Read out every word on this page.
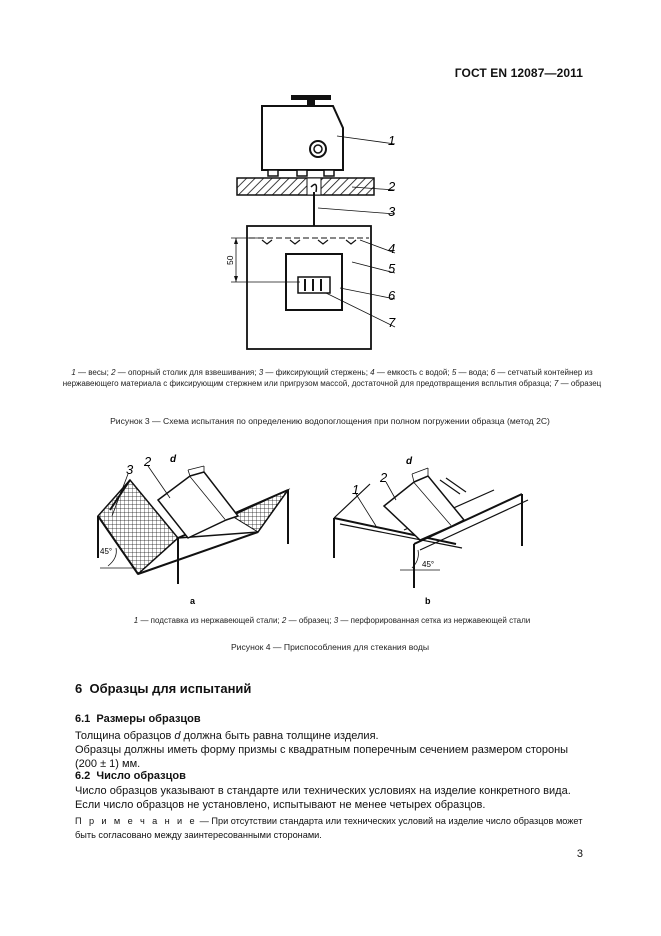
ГОСТ EN 12087—2011
50
1
2
3
4
5
6
7
1 — весы; 2 — опорный столик для взвешивания; 3 — фиксирующий стержень; 4 — емкость с водой; 5 — вода; 6 — сетчатый контейнер из нержавеющего материала с фиксирующим стержнем или пригрузом массой, достаточной для предотвращения всплытия образца; 7 — образец
Рисунок 3 — Схема испытания по определению водопоглощения при полном погружении образца (метод 2С)
3
2 d
45°
a
1
2
d
45°
b
1 — подставка из нержавеющей стали; 2 — образец; 3 — перфорированная сетка из нержавеющей стали
Рисунок 4 — Приспособления для стекания воды
6  Образцы для испытаний
6.1  Размеры образцов
Толщина образцов d должна быть равна толщине изделия.
Образцы должны иметь форму призмы с квадратным поперечным сечением размером стороны (200 ± 1) мм.
6.2  Число образцов
Число образцов указывают в стандарте или технических условиях на изделие конкретного вида. Если число образцов не установлено, испытывают не менее четырех образцов.
П р и м е ч а н и е — При отсутствии стандарта или технических условий на изделие число образцов может быть согласовано между заинтересованными сторонами.
3
